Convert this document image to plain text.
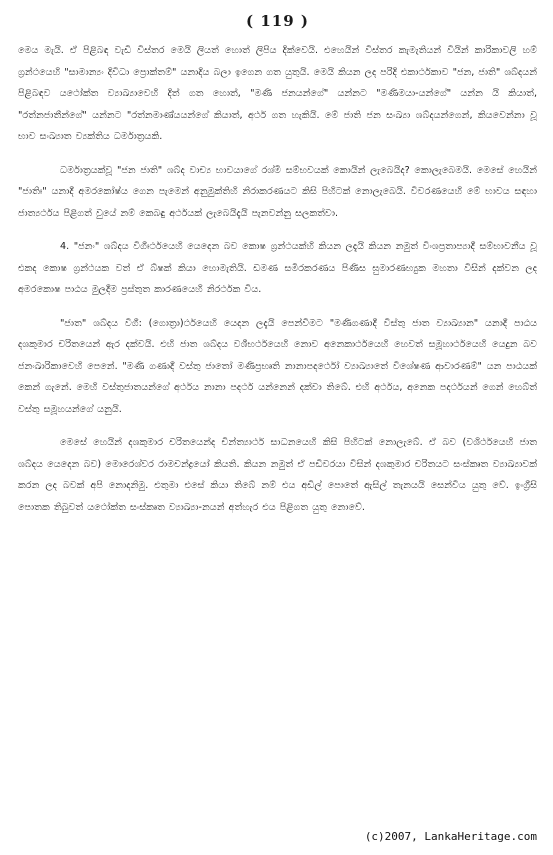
( 119 )

මෙය මැයි. ඒ පිළිබඳ වැඩි විස්තර මෙයි ලියත් හොත් ලිපිය දික්වෙයි. එහෙයින් විස්තර කැමැතියන් වියින් කාරිකාවලි හම් ග්‍රන්ථයෙහි "සාමාන්‍යං දිවිධා ප්‍රොක්තම්" යනාදිය බලා ඉගෙන ගත යුතුයි. මෙයි කියන ලද පරිදි එකාර්ථකාව "ජන, ජාති" ශබ්දයන් පිළිබඳව යථෝක්ත ව්‍යාඛ්‍යාවෙහි දිත් ගත හොත්, "මණි ජනයන්ගේ" යන්නට "මණිමයා-යන්ගේ" යන්න යි කියාත්, "රත්නජාතීන්ගේ" යන්නට "රත්නමාණ්යයන්ගේ කියාත්, අර්ථ ගත හැකියි. මේ ජාති ජන සංඛ්‍යා ශබ්දයන්ගෙන්, කියවෙන්නා වූ භාව සංඛ්‍යාත ව්‍යක්තිය ධර්මාත්‍රයකි.

ධර්මාත්‍රයක්වූ "ජන ජාති" ශබ්ද වාච්‍ය භාවයාගේ රශ්මි සම්භවයක් කොයින් ලැබෙයිද? කොලැබෙමයි. මෙසේ හෙයින් "ජාතිඃ" යනාදී අමරකෝෂ්ය ගෙන පැමෙන් අනුමුක්තිහි නිරාකරණයට කිසි පිහිටක් නොලැබෙයි. විවරණයෙහි මේ භාවය සඳහා ජාත්‍යර්ථය පිළිගත් වුයේ නම් කෙබඳු අර්ථයක් ලැබෙයිදැයි පැනවන්නු සලකත්වා.

4. "ජනං" ශබ්දය විගීඃර්ථයෙහි යෙදෙන බව කොෂ ග්‍රන්ථයක්හි කියන ලදැයි කියන නමුත් විංශප්‍රතාප්‍යාදී සම්භාවනීය වූ එකද කොෂ ග්‍රන්ථයක වත් ඒ බ්ෂක් කියා හොමැතියි. ඩමණ සමිරකරණය පිණිස ඝුමාරණභ්‍යුක මහතා විසින් දක්වන ලද අමරකොෂ පාඨය මුලදීම ප්‍රස්තුත කාරණයෙහි නිරර්ථක විය.

"ජාත" ශබ්දය විගී: (ගොත්‍රා)ර්ථයෙහි යෙදන ලදැයි පෙන්වීමට "මණිගණාදී විස්තු ජාත ව්‍යාඛ්‍යාන" යනාදී පාඨය දශකුමාර චරිතයෙන් ඇර දක්වයි. එහි ජාත ශබ්දය වශීභර්ථයෙහි නොව අනෙකාර්ථයෙහි හෙවත් සමූහාර්ථයෙහි යෙදුන බව ජනංඛාරිකාවෙහි පෙනේ. "මණි ගණාදී වස්තු ජාතෝ මණිප්‍රභෘති නානාපදර්ථෝ ව්‍යාඛ්‍යාතේ විශේෂණ ආවාරණම්" යන පාඨයක් කෙන් ගැනේ. මෙහි වස්තුජාතයන්ගේ අර්ථය නානා පදර්ථ යන්නෙන් දක්වා තිබේ. එහි අර්ථය, අනෙක පදර්ථයන් ගෙන් හෙබ්ත් වස්තු සමූහයන්ගේ යනුයි.

මෙසේ හෙයින් දශකුමාර චරිතයෙන්ද චින්ත්‍යාර්ථ සාධනයෙහි කිසි පිහිටක් නොලැබේ. ඒ බව (වශිර්ථයෙහි ජාත ශබ්දය යෙදෙන බව) මොරෙශ්වර රාමචන්ද්‍රයෝ කියති. කියන නමුත් ඒ පඩිවරයා විසින් දශකුමාර චරිතයට සංස්කෘත ව්‍යාඛ්‍යාවක් කරන ලද බවක් අපි නොදනිමු. එතුමා එසේ කියා තිබේ නම් එය අඩිල් පොතේ ඇසිල් තැනයයි සෙන්විය යුතු වේ. ඉංග්‍රීසි පොතක තිබුවත් යථෝක්ත සංස්කෘත ව්‍යාඛ්‍යා-නයන් අත්හැර එය පිළිගත යුතු නොවේ.

(c)2007, LankaHeritage.com
